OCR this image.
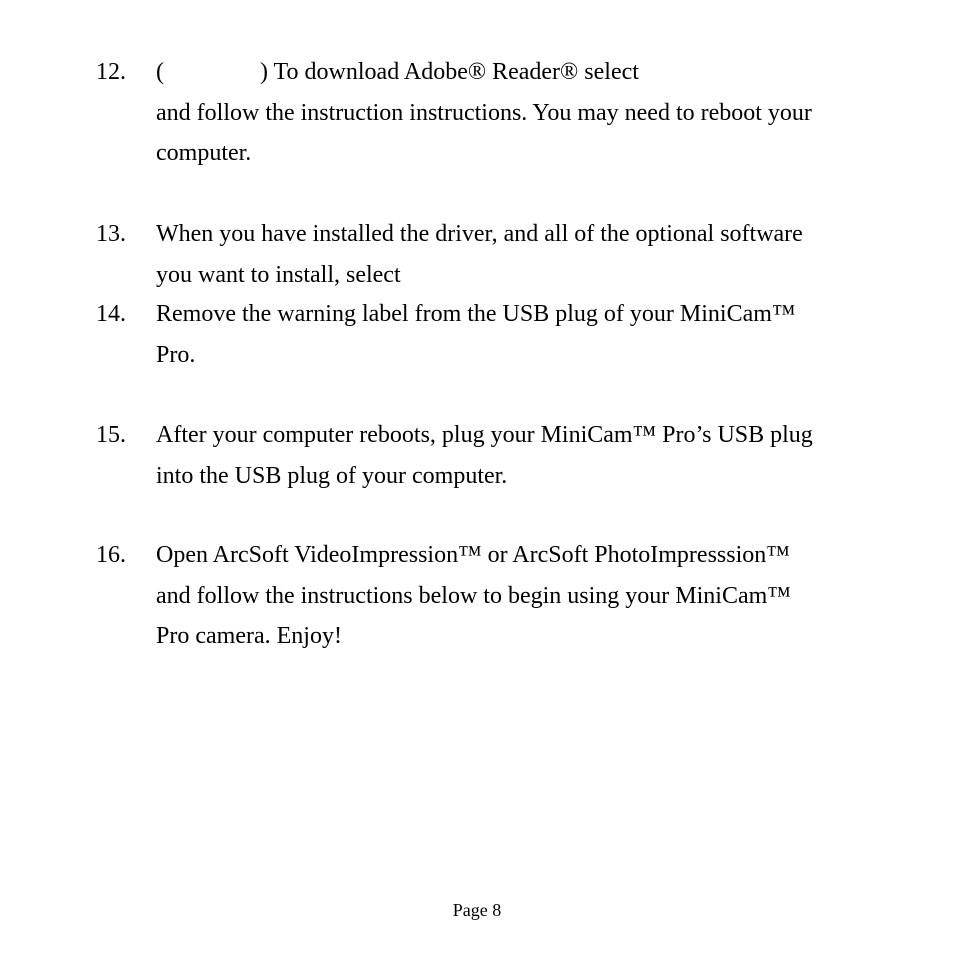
12.	(	) To download Adobe® Reader® select
and follow the instruction instructions. You may need to reboot your
computer.
13.	When you have installed the driver, and all of the optional software
you want to install, select
14.	Remove the warning label from the USB plug of your MiniCam™
Pro.
15.	After your computer reboots, plug your MiniCam™ Pro’s USB plug
into the USB plug of your computer.
16.	Open ArcSoft VideoImpression™ or ArcSoft PhotoImpresssion™
and follow the instructions below to begin using your MiniCam™
Pro camera. Enjoy!
Page 8
